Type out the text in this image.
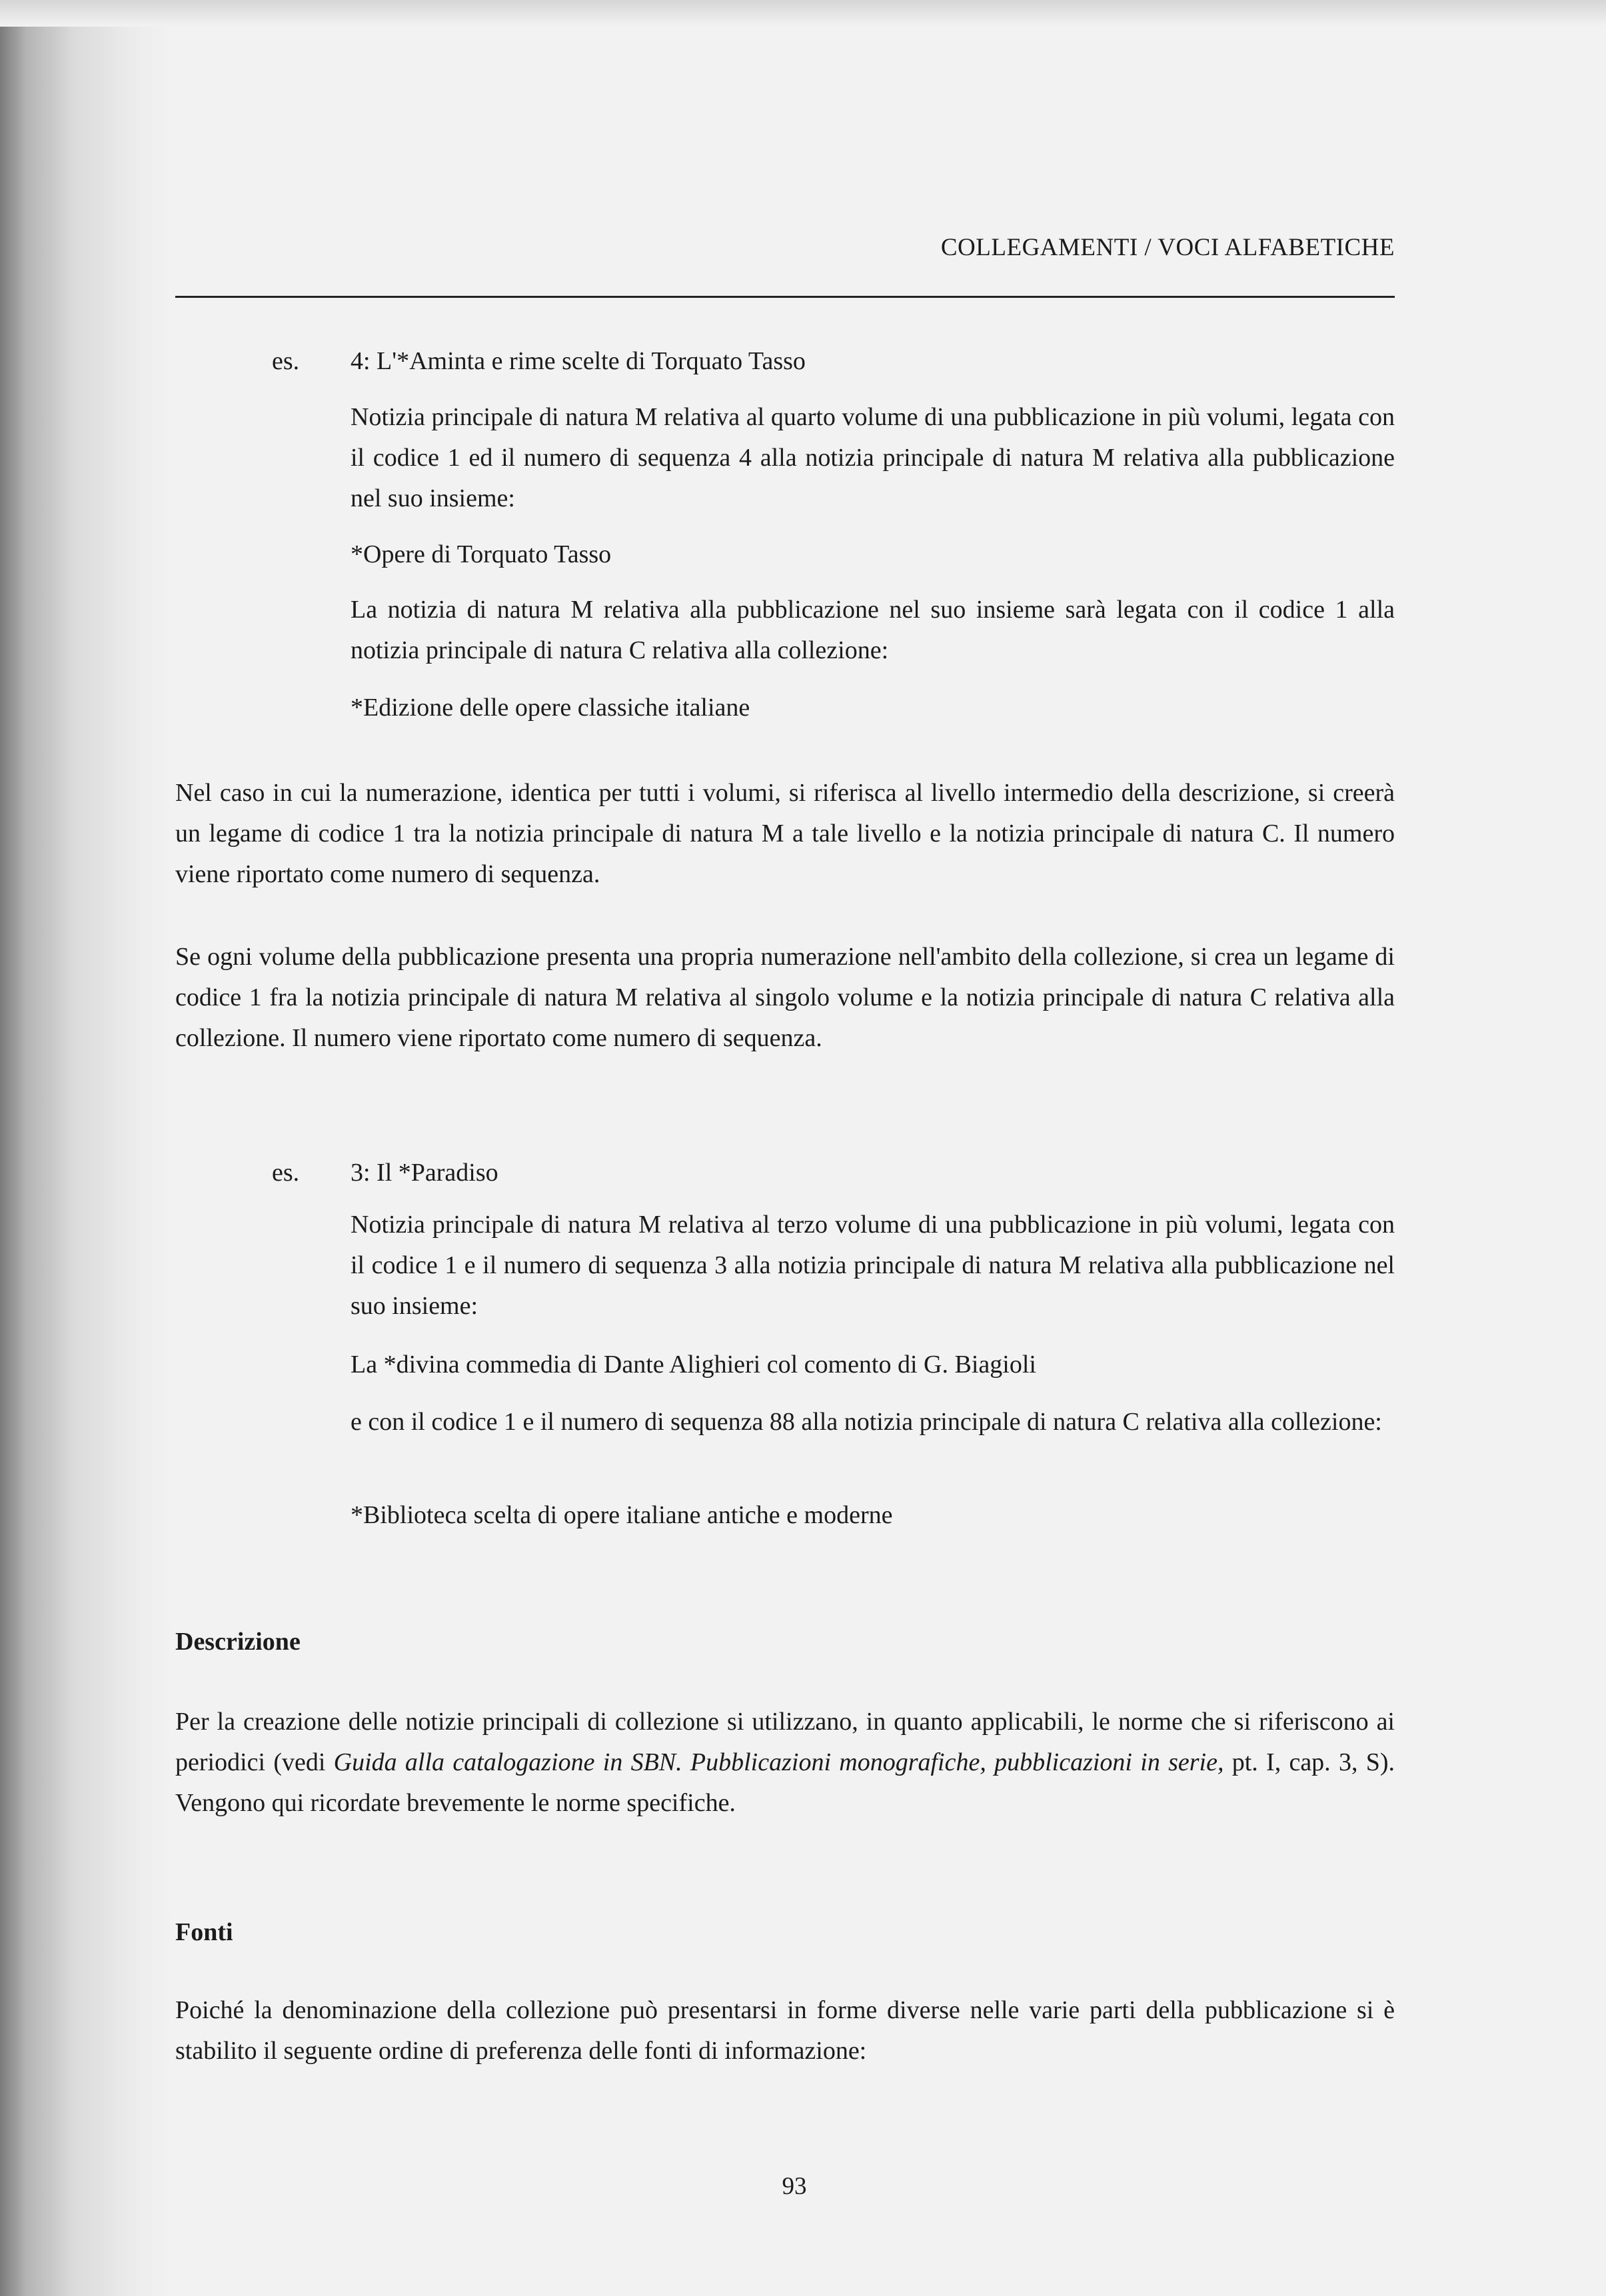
COLLEGAMENTI / VOCI ALFABETICHE
es. 4: L'*Aminta e rime scelte di Torquato Tasso
Notizia principale di natura M relativa al quarto volume di una pubblicazione in più volumi, legata con il codice 1 ed il numero di sequenza 4 alla notizia principale di natura M relativa alla pubblicazione nel suo insieme:
*Opere di Torquato Tasso
La notizia di natura M relativa alla pubblicazione nel suo insieme sarà legata con il codice 1 alla notizia principale di natura C relativa alla collezione:
*Edizione delle opere classiche italiane
Nel caso in cui la numerazione, identica per tutti i volumi, si riferisca al livello intermedio della descrizione, si creerà un legame di codice 1 tra la notizia principale di natura M a tale livello e la notizia principale di natura C. Il numero viene riportato come numero di sequenza.
Se ogni volume della pubblicazione presenta una propria numerazione nell'ambito della collezione, si crea un legame di codice 1 fra la notizia principale di natura M relativa al singolo volume e la notizia principale di natura C relativa alla collezione. Il numero viene riportato come numero di sequenza.
es. 3: Il *Paradiso
Notizia principale di natura M relativa al terzo volume di una pubblicazione in più volumi, legata con il codice 1 e il numero di sequenza 3 alla notizia principale di natura M relativa alla pubblicazione nel suo insieme:
La *divina commedia di Dante Alighieri col comento di G. Biagioli
e con il codice 1 e il numero di sequenza 88 alla notizia principale di natura C relativa alla collezione:
*Biblioteca scelta di opere italiane antiche e moderne
Descrizione
Per la creazione delle notizie principali di collezione si utilizzano, in quanto applicabili, le norme che si riferiscono ai periodici (vedi Guida alla catalogazione in SBN. Pubblicazioni monografiche, pubblicazioni in serie, pt. I, cap. 3, S). Vengono qui ricordate brevemente le norme specifiche.
Fonti
Poiché la denominazione della collezione può presentarsi in forme diverse nelle varie parti della pubblicazione si è stabilito il seguente ordine di preferenza delle fonti di informazione:
93
